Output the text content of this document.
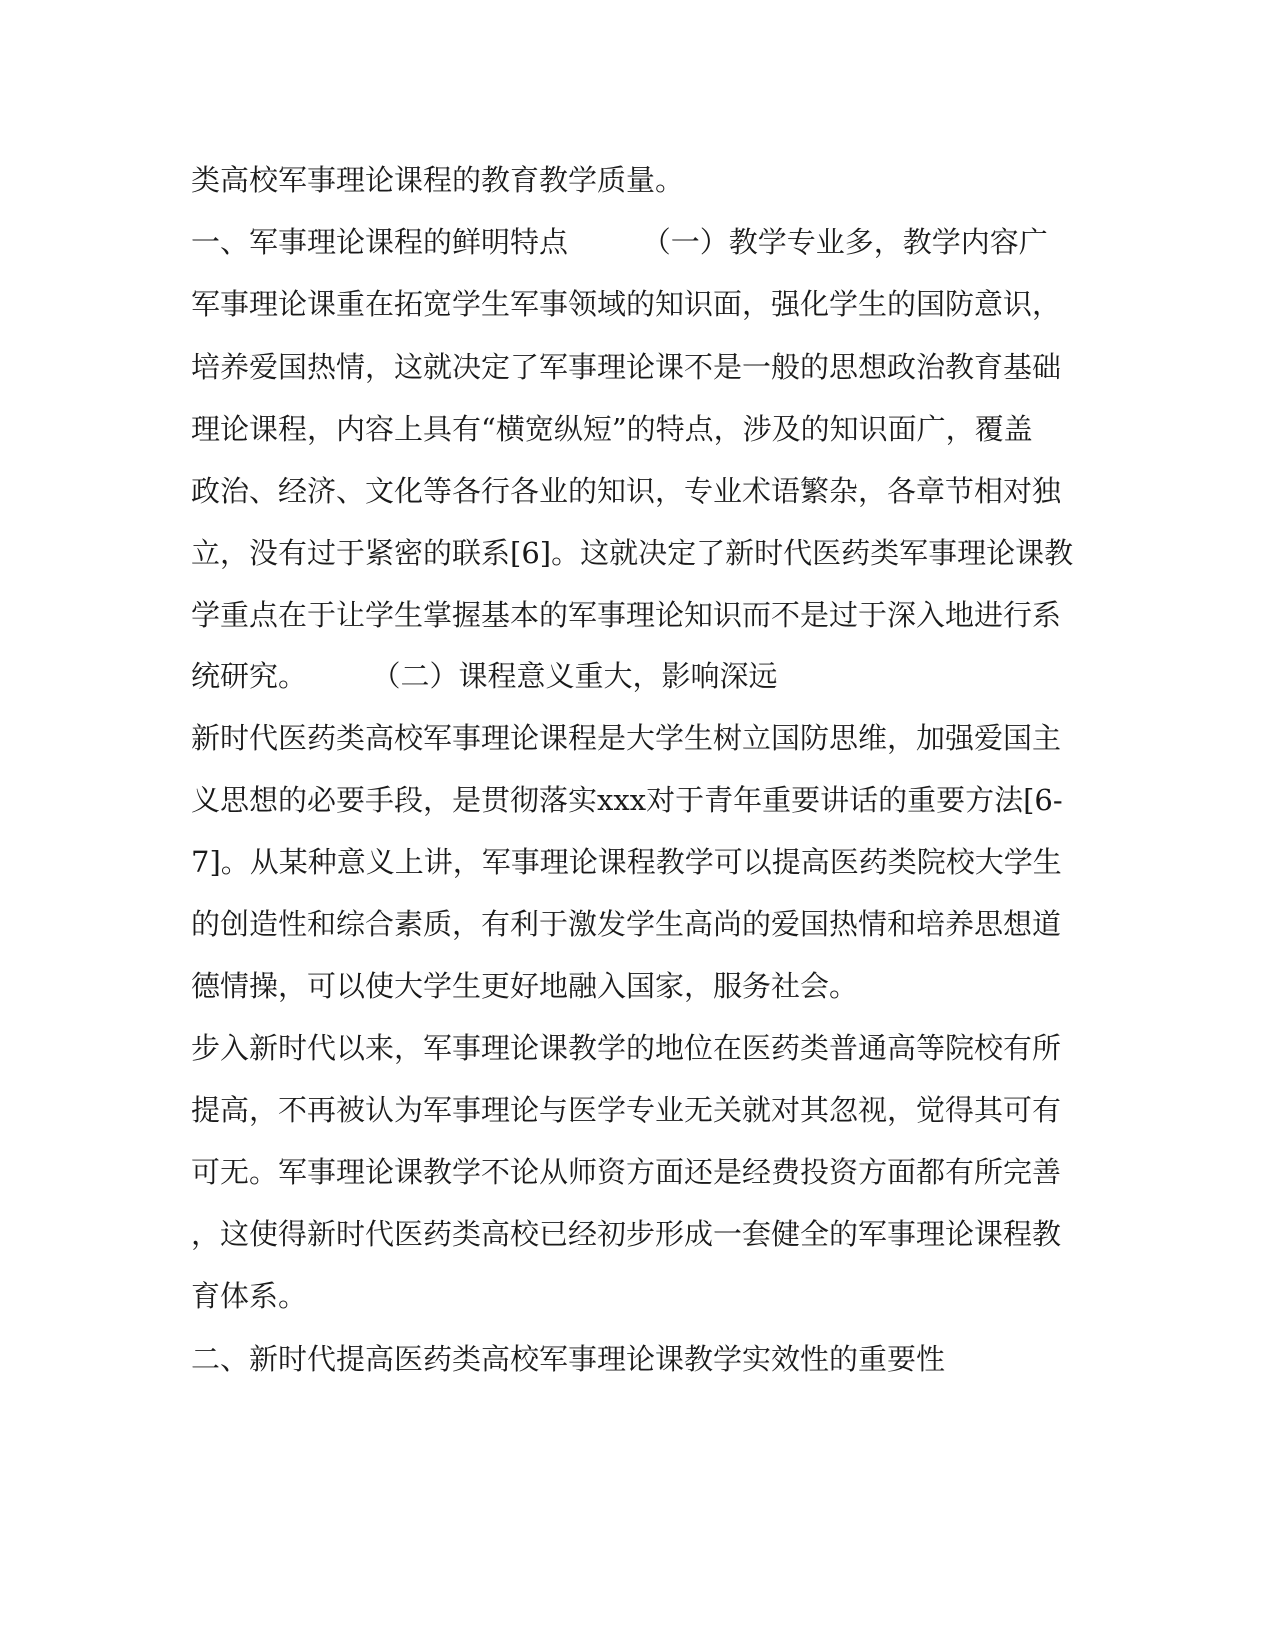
类高校军事理论课程的教育教学质量。
一、军事理论课程的鲜明特点        （一）教学专业多，教学内容广
军事理论课重在拓宽学生军事领域的知识面，强化学生的国防意识，
培养爱国热情，这就决定了军事理论课不是一般的思想政治教育基础
理论课程，内容上具有“横宽纵短”的特点，涉及的知识面广，覆盖
政治、经济、文化等各行各业的知识，专业术语繁杂，各章节相对独
立，没有过于紧密的联系[6]。这就决定了新时代医药类军事理论课教
学重点在于让学生掌握基本的军事理论知识而不是过于深入地进行系
统研究。       （二）课程意义重大，影响深远
新时代医药类高校军事理论课程是大学生树立国防思维，加强爱国主
义思想的必要手段，是贯彻落实xxx对于青年重要讲话的重要方法[6-
7]。从某种意义上讲，军事理论课程教学可以提高医药类院校大学生
的创造性和综合素质，有利于激发学生高尚的爱国热情和培养思想道
德情操，可以使大学生更好地融入国家，服务社会。
步入新时代以来，军事理论课教学的地位在医药类普通高等院校有所
提高，不再被认为军事理论与医学专业无关就对其忽视，觉得其可有
可无。军事理论课教学不论从师资方面还是经费投资方面都有所完善
，这使得新时代医药类高校已经初步形成一套健全的军事理论课程教
育体系。
二、新时代提高医药类高校军事理论课教学实效性的重要性
